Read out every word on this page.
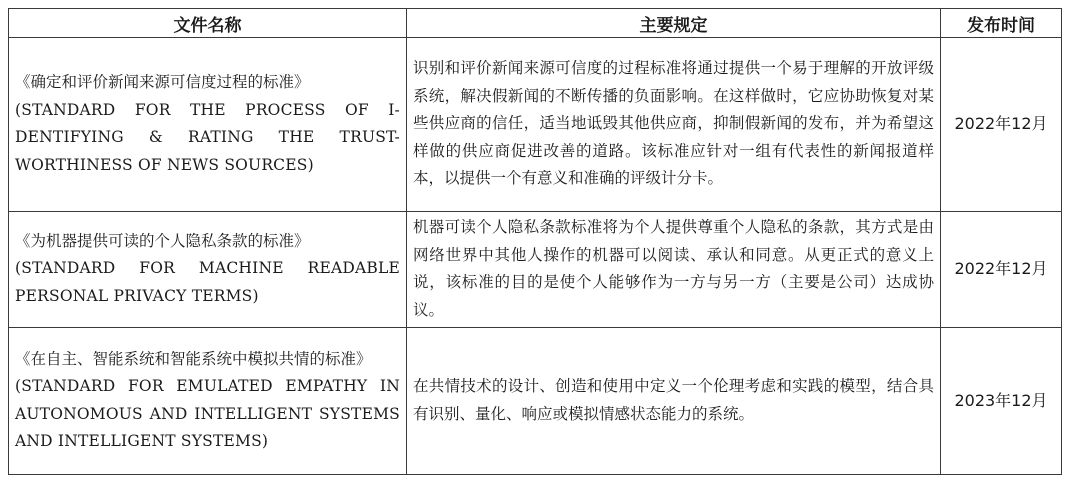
文件名称	主要规定	发布时间

《确定和评价新闻来源可信度过程的标准》
(STANDARD FOR THE PROCESS OF I-DENTIFYING & RATING THE TRUST-WORTHINESS OF NEWS SOURCES)	识别和评价新闻来源可信度的过程标准将通过提供一个易于理解的开放评级系统，解决假新闻的不断传播的负面影响。在这样做时，它应协助恢复对某些供应商的信任，适当地诋毁其他供应商，抑制假新闻的发布，并为希望这样做的供应商促进改善的道路。该标准应针对一组有代表性的新闻报道样本，以提供一个有意义和准确的评级计分卡。	2022年12月

《为机器提供可读的个人隐私条款的标准》
(STANDARD FOR MACHINE READABLE PERSONAL PRIVACY TERMS)	机器可读个人隐私条款标准将为个人提供尊重个人隐私的条款，其方式是由网络世界中其他人操作的机器可以阅读、承认和同意。从更正式的意义上说，该标准的目的是使个人能够作为一方与另一方（主要是公司）达成协议。	2022年12月

《在自主、智能系统和智能系统中模拟共情的标准》
(STANDARD FOR EMULATED EMPATHY IN AUTONOMOUS AND INTELLIGENT SYSTEMS AND INTELLIGENT SYSTEMS)	在共情技术的设计、创造和使用中定义一个伦理考虑和实践的模型，结合具有识别、量化、响应或模拟情感状态能力的系统。	2023年12月
